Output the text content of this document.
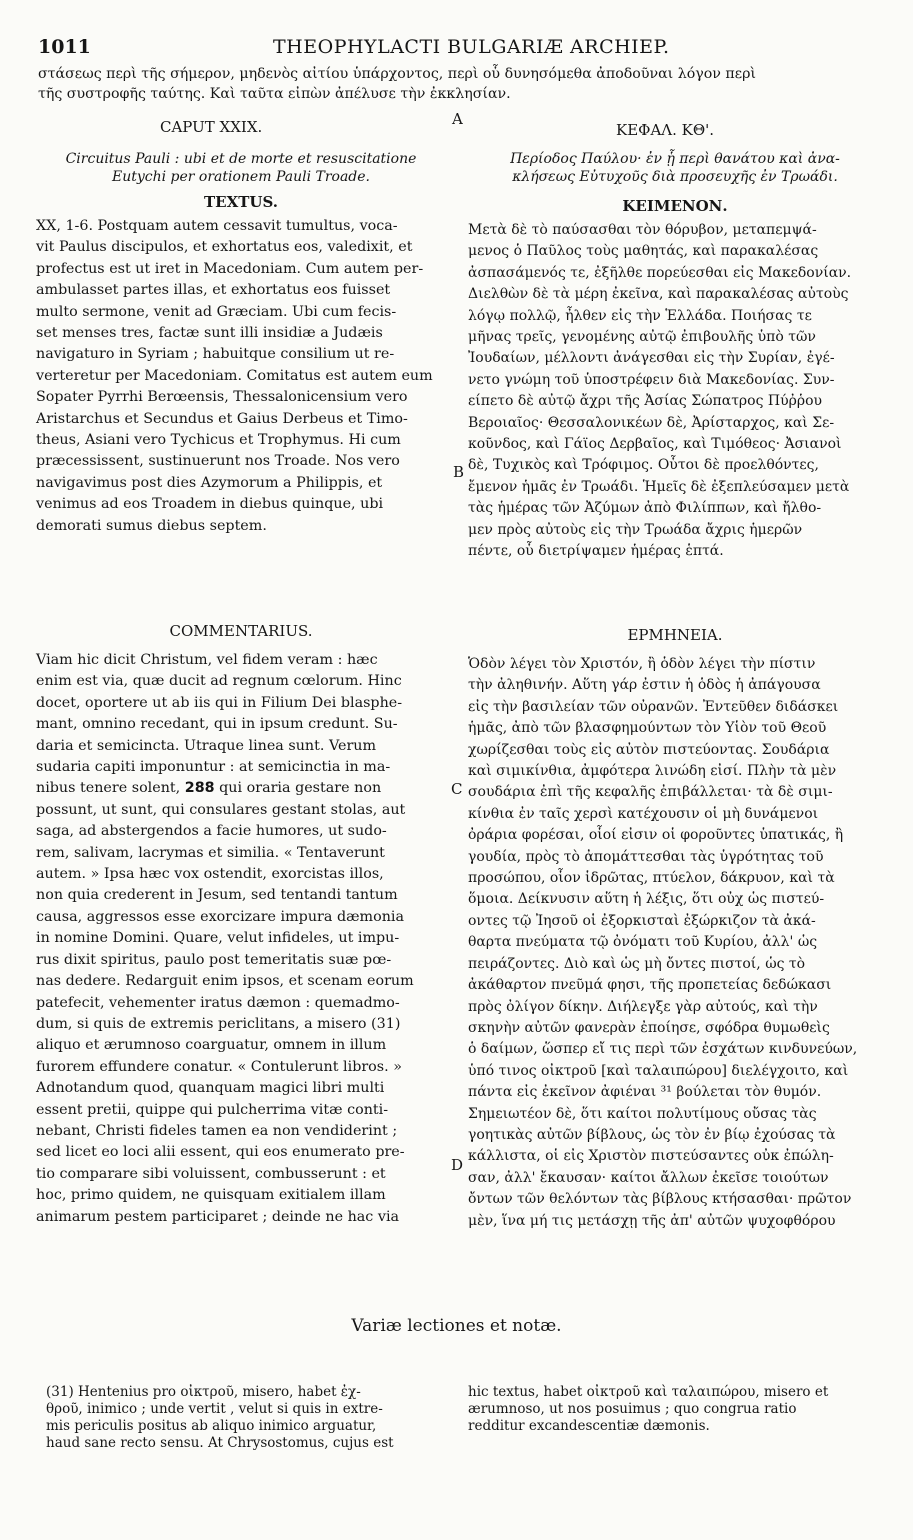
1011	THEOPHYLACTI BULGARIÆ ARCHIEP.
στάσεως περὶ τῆς σήμερον, μηδενὸς αἰτίου ὑπάρχοντος, περὶ οὗ δυνησόμεθα ἀποδοῦναι λόγον περὶ
τῆς συστροφῆς ταύτης. Καὶ ταῦτα εἰπὼν ἀπέλυσε τὴν ἐκκλησίαν.
CAPUT XXIX.	A
ΚΕΦΑΛ. ΚΘ'.
Circuitus Pauli : ubi et de morte et resuscitatione
Eutychi per orationem Pauli Troade.
Περίοδος Παύλου· ἐν ᾗ περὶ θανάτου καὶ ἀνα-
κλήσεως Εὐτυχοῦς διὰ προσευχῆς ἐν Τρωάδι.
TEXTUS.	ΚΕΙΜΕΝΟΝ.
XX, 1-6. Postquam autem cessavit tumultus, voca-
vit Paulus discipulos, et exhortatus eos, valedixit, et
profectus est ut iret in Macedoniam. Cum autem per-
ambulasset partes illas, et exhortatus eos fuisset
multo sermone, venit ad Græciam. Ubi cum fecis-
set menses tres, factæ sunt illi insidiæ a Judæis
navigaturo in Syriam ; habuitque consilium ut re-
verteretur per Macedoniam. Comitatus est autem eum
Sopater Pyrrhi Berœensis, Thessalonicensium vero
Aristarchus et Secundus et Gaius Derbeus et Timo-
theus, Asiani vero Tychicus et Trophymus. Hi cum
præcessissent, sustinuerunt nos Troade. Nos vero
navigavimus post dies Azymorum a Philippis, et
venimus ad eos Troadem in diebus quinque, ubi
demorati sumus diebus septem.
Μετὰ δὲ τὸ παύσασθαι τὸν θόρυβον, μεταπεμψά-
μενος ὁ Παῦλος τοὺς μαθητάς, καὶ παρακαλέσας
ἀσπασάμενός τε, ἐξῆλθε πορεύεσθαι εἰς Μακεδονίαν.
Διελθὼν δὲ τὰ μέρη ἐκεῖνα, καὶ παρακαλέσας αὐτοὺς
λόγῳ πολλῷ, ἦλθεν εἰς τὴν Ἑλλάδα. Ποιήσας τε
μῆνας τρεῖς, γενομένης αὐτῷ ἐπιβουλῆς ὑπὸ τῶν
Ἰουδαίων, μέλλοντι ἀνάγεσθαι εἰς τὴν Συρίαν, ἐγέ-
νετο γνώμη τοῦ ὑποστρέφειν διὰ Μακεδονίας. Συν-
είπετο δὲ αὐτῷ ἄχρι τῆς Ἀσίας Σώπατρος Πύῤῥου
Βεροιαῖος· Θεσσαλονικέων δὲ, Ἀρίσταρχος, καὶ Σε-
κοῦνδος, καὶ Γάϊος Δερβαῖος, καὶ Τιμόθεος· Ἀσιανοὶ
δὲ, Τυχικὸς καὶ Τρόφιμος. Οὗτοι δὲ προελθόντες,
ἔμενον ἡμᾶς ἐν Τρωάδι. Ἡμεῖς δὲ ἐξεπλεύσαμεν μετὰ
τὰς ἡμέρας τῶν Ἀζύμων ἀπὸ Φιλίππων, καὶ ἤλθο-
μεν πρὸς αὐτοὺς εἰς τὴν Τρωάδα ἄχρις ἡμερῶν
πέντε, οὗ διετρίψαμεν ἡμέρας ἑπτά.
B
COMMENTARIUS.	ΕΡΜΗΝΕΙΑ.
Viam hic dicit Christum, vel fidem veram : hæc
enim est via, quæ ducit ad regnum cœlorum. Hinc
docet, oportere ut ab iis qui in Filium Dei blasphe-
mant, omnino recedant, qui in ipsum credunt. Su-
daria et semicincta. Utraque linea sunt. Verum
sudaria capiti imponuntur : at semicinctia in ma-
nibus tenere solent, 288 qui oraria gestare non
possunt, ut sunt, qui consulares gestant stolas, aut
saga, ad abstergendos a facie humores, ut sudo-
rem, salivam, lacrymas et similia. « Tentaverunt
autem. » Ipsa hæc vox ostendit, exorcistas illos,
non quia crederent in Jesum, sed tentandi tantum
causa, aggressos esse exorcizare impura dæmonia
in nomine Domini. Quare, velut infideles, ut impu-
rus dixit spiritus, paulo post temeritatis suæ pœ-
nas dedere. Redarguit enim ipsos, et scenam eorum
patefecit, vehementer iratus dæmon : quemadmo-
dum, si quis de extremis periclitans, a misero (31)
aliquo et ærumnoso coarguatur, omnem in illum
furorem effundere conatur. « Contulerunt libros. »
Adnotandum quod, quanquam magici libri multi
essent pretii, quippe qui pulcherrima vitæ conti-
nebant, Christi fideles tamen ea non vendiderint ;
sed licet eo loci alii essent, qui eos enumerato pre-
tio comparare sibi voluissent, combusserunt : et
hoc, primo quidem, ne quisquam exitialem illam
animarum pestem participaret ; deinde ne hac via
Ὁδὸν λέγει τὸν Χριστόν, ἢ ὁδὸν λέγει τὴν πίστιν
τὴν ἀληθινήν. Αὕτη γάρ ἐστιν ἡ ὁδὸς ἡ ἀπάγουσα
εἰς τὴν βασιλείαν τῶν οὐρανῶν. Ἐντεῦθεν διδάσκει
ἡμᾶς, ἀπὸ τῶν βλασφημούντων τὸν Υἱὸν τοῦ Θεοῦ
χωρίζεσθαι τοὺς εἰς αὐτὸν πιστεύοντας. Σουδάρια
καὶ σιμικίνθια, ἀμφότερα λινώδη εἰσί. Πλὴν τὰ μὲν
σουδάρια ἐπὶ τῆς κεφαλῆς ἐπιβάλλεται· τὰ δὲ σιμι-
κίνθια ἐν ταῖς χερσὶ κατέχουσιν οἱ μὴ δυνάμενοι
ὀράρια φορέσαι, οἷοί εἰσιν οἱ φοροῦντες ὑπατικάς, ἢ
γουδία, πρὸς τὸ ἀπομάττεσθαι τὰς ὑγρότητας τοῦ
προσώπου, οἷον ἱδρῶτας, πτύελον, δάκρυον, καὶ τὰ
ὅμοια. Δείκνυσιν αὕτη ἡ λέξις, ὅτι οὐχ ὡς πιστεύ-
οντες τῷ Ἰησοῦ οἱ ἐξορκισταὶ ἐξώρκιζον τὰ ἀκά-
θαρτα πνεύματα τῷ ὀνόματι τοῦ Κυρίου, ἀλλ' ὡς
πειράζοντες. Διὸ καὶ ὡς μὴ ὄντες πιστοί, ὡς τὸ
ἀκάθαρτον πνεῦμά φησι, τῆς προπετείας δεδώκασι
πρὸς ὀλίγον δίκην. Διήλεγξε γὰρ αὐτούς, καὶ τὴν
σκηνὴν αὐτῶν φανερὰν ἐποίησε, σφόδρα θυμωθεὶς
ὁ δαίμων, ὥσπερ εἴ τις περὶ τῶν ἐσχάτων κινδυνεύων,
ὑπό τινος οἰκτροῦ [καὶ ταλαιπώρου] διελέγχοιτο, καὶ
πάντα εἰς ἐκεῖνον ἀφιέναι ³¹ βούλεται τὸν θυμόν.
Σημειωτέον δὲ, ὅτι καίτοι πολυτίμους οὔσας τὰς
γοητικὰς αὐτῶν βίβλους, ὡς τὸν ἐν βίῳ ἐχούσας τὰ
κάλλιστα, οἱ εἰς Χριστὸν πιστεύσαντες οὐκ ἐπώλη-
σαν, ἀλλ' ἔκαυσαν· καίτοι ἄλλων ἐκεῖσε τοιούτων
ὄντων τῶν θελόντων τὰς βίβλους κτήσασθαι· πρῶτον
μὲν, ἵνα μή τις μετάσχῃ τῆς ἀπ' αὐτῶν ψυχοφθόρου
C
D
Variæ lectiones et notæ.
(31) Hentenius pro οἰκτροῦ, misero, habet ἐχ-
θροῦ, inimico ; unde vertit , velut si quis in extre-
mis periculis positus ab aliquo inimico arguatur,
haud sane recto sensu. At Chrysostomus, cujus est
hic textus, habet οἰκτροῦ καὶ ταλαιπώρου, misero et
ærumnoso, ut nos posuimus ; quo congrua ratio
redditur excandescentiæ dæmonis.
